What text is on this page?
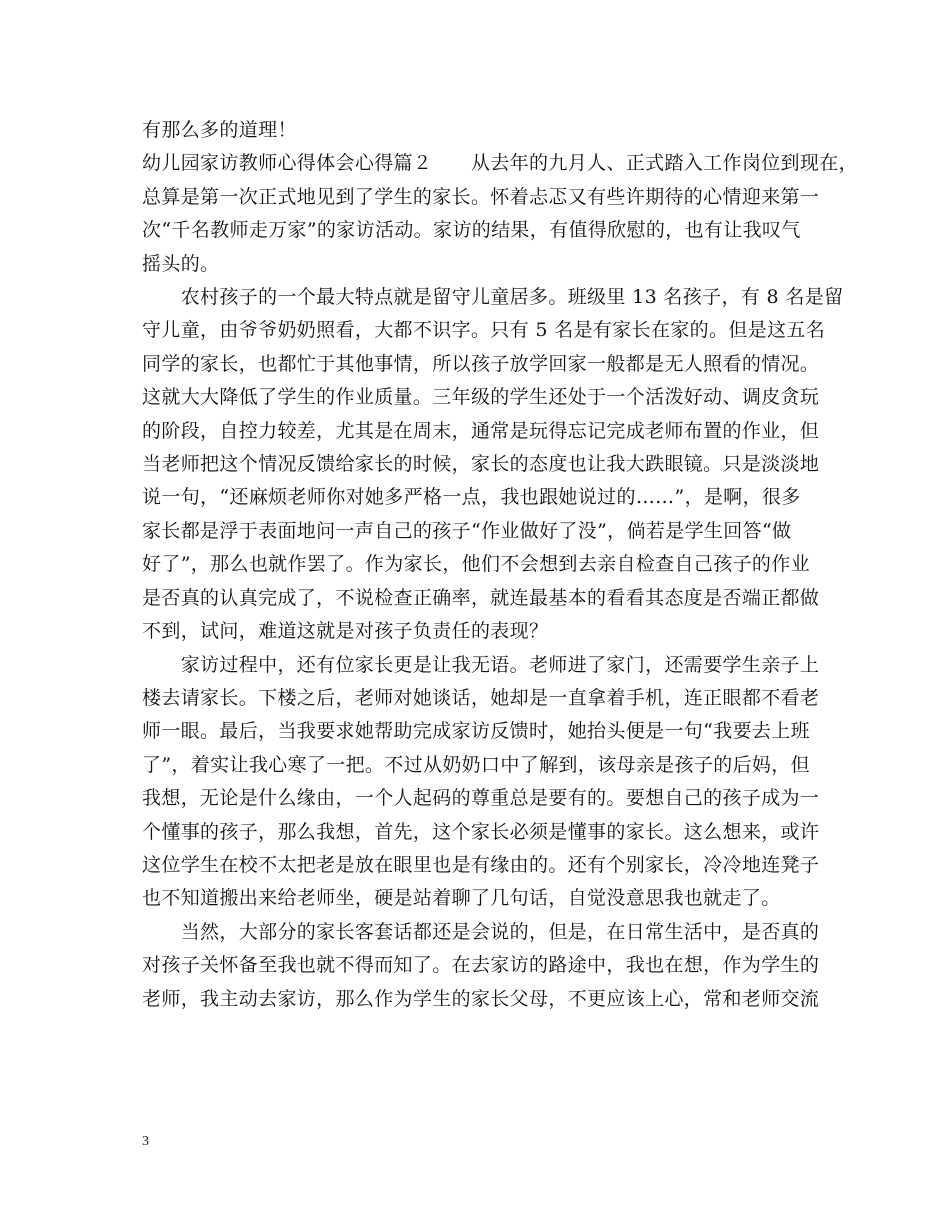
有那么多的道理！
幼儿园家访教师心得体会心得篇２　　从去年的九月人、正式踏入工作岗位到现在，
总算是第一次正式地见到了学生的家长。怀着忐忑又有些许期待的心情迎来第一
次“千名教师走万家”的家访活动。家访的结果，有值得欣慰的，也有让我叹气
摇头的。
　　农村孩子的一个最大特点就是留守儿童居多。班级里 13 名孩子，有 8 名是留
守儿童，由爷爷奶奶照看，大都不识字。只有 5 名是有家长在家的。但是这五名
同学的家长，也都忙于其他事情，所以孩子放学回家一般都是无人照看的情况。
这就大大降低了学生的作业质量。三年级的学生还处于一个活泼好动、调皮贪玩
的阶段，自控力较差，尤其是在周末，通常是玩得忘记完成老师布置的作业，但
当老师把这个情况反馈给家长的时候，家长的态度也让我大跌眼镜。只是淡淡地
说一句，“还麻烦老师你对她多严格一点，我也跟她说过的……”，是啊，很多
家长都是浮于表面地问一声自己的孩子“作业做好了没”，倘若是学生回答“做
好了”，那么也就作罢了。作为家长，他们不会想到去亲自检查自己孩子的作业
是否真的认真完成了，不说检查正确率，就连最基本的看看其态度是否端正都做
不到，试问，难道这就是对孩子负责任的表现？
　　家访过程中，还有位家长更是让我无语。老师进了家门，还需要学生亲子上
楼去请家长。下楼之后，老师对她谈话，她却是一直拿着手机，连正眼都不看老
师一眼。最后，当我要求她帮助完成家访反馈时，她抬头便是一句“我要去上班
了”，着实让我心寒了一把。不过从奶奶口中了解到，该母亲是孩子的后妈，但
我想，无论是什么缘由，一个人起码的尊重总是要有的。要想自己的孩子成为一
个懂事的孩子，那么我想，首先，这个家长必须是懂事的家长。这么想来，或许
这位学生在校不太把老是放在眼里也是有缘由的。还有个别家长，冷冷地连凳子
也不知道搬出来给老师坐，硬是站着聊了几句话，自觉没意思我也就走了。
　　当然，大部分的家长客套话都还是会说的，但是，在日常生活中，是否真的
对孩子关怀备至我也就不得而知了。在去家访的路途中，我也在想，作为学生的
老师，我主动去家访，那么作为学生的家长父母，不更应该上心，常和老师交流
3
